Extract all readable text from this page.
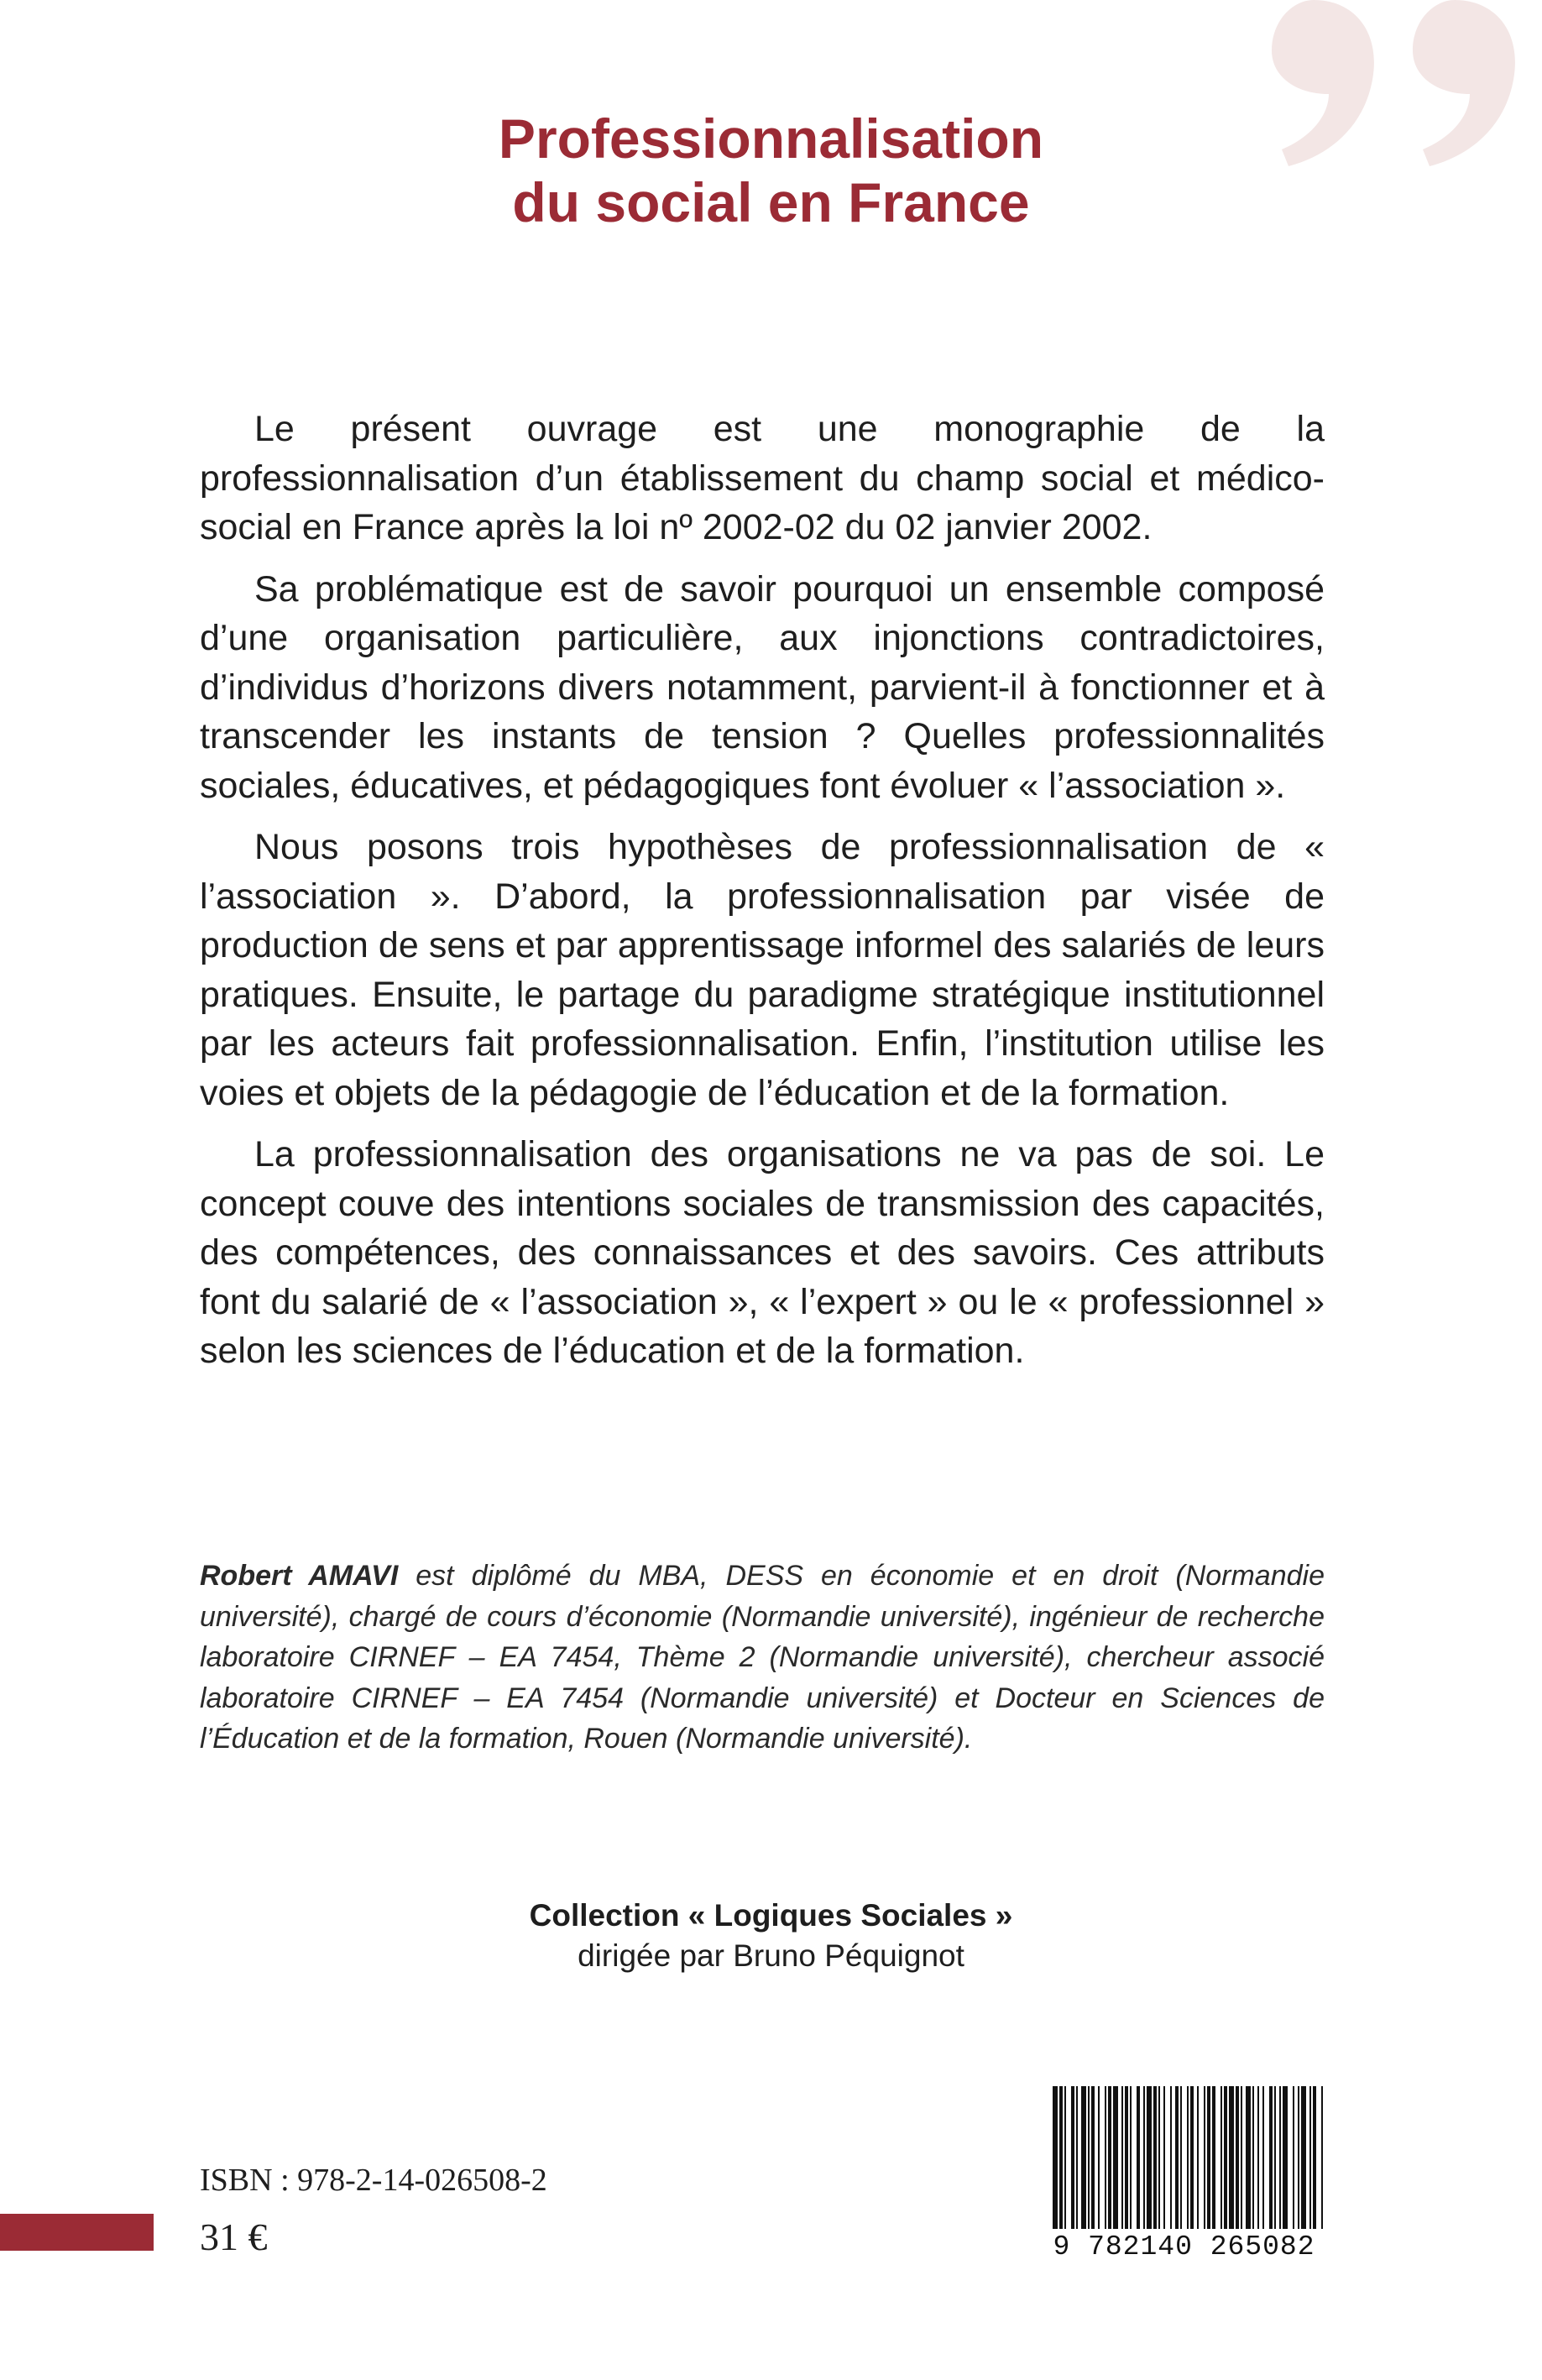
Professionnalisation
du social en France

Le présent ouvrage est une monographie de la professionnalisation d’un établissement du champ social et médico-social en France après la loi nº 2002-02 du 02 janvier 2002.

Sa problématique est de savoir pourquoi un ensemble composé d’une organisation particulière, aux injonctions contradictoires, d’individus d’horizons divers notamment, parvient-il à fonctionner et à transcender les instants de tension ? Quelles professionnalités sociales, éducatives, et pédagogiques font évoluer « l’association ».

Nous posons trois hypothèses de professionnalisation de « l’association ». D’abord, la professionnalisation par visée de production de sens et par apprentissage informel des salariés de leurs pratiques. Ensuite, le partage du paradigme stratégique institutionnel par les acteurs fait professionnalisation. Enfin, l’institution utilise les voies et objets de la pédagogie de l’éducation et de la formation.

La professionnalisation des organisations ne va pas de soi. Le concept couve des intentions sociales de transmission des capacités, des compétences, des connaissances et des savoirs. Ces attributs font du salarié de « l’association », « l’expert » ou le « professionnel » selon les sciences de l’éducation et de la formation.

Robert AMAVI est diplômé du MBA, DESS en économie et en droit (Normandie université), chargé de cours d’économie (Normandie université), ingénieur de recherche laboratoire CIRNEF – EA 7454, Thème 2 (Normandie université), chercheur associé laboratoire CIRNEF – EA 7454 (Normandie université) et Docteur en Sciences de l’Éducation et de la formation, Rouen (Normandie université).
Collection « Logiques Sociales »
dirigée par Bruno Péquignot
ISBN : 978-2-14-026508-2
31 €	9 782140 265082
